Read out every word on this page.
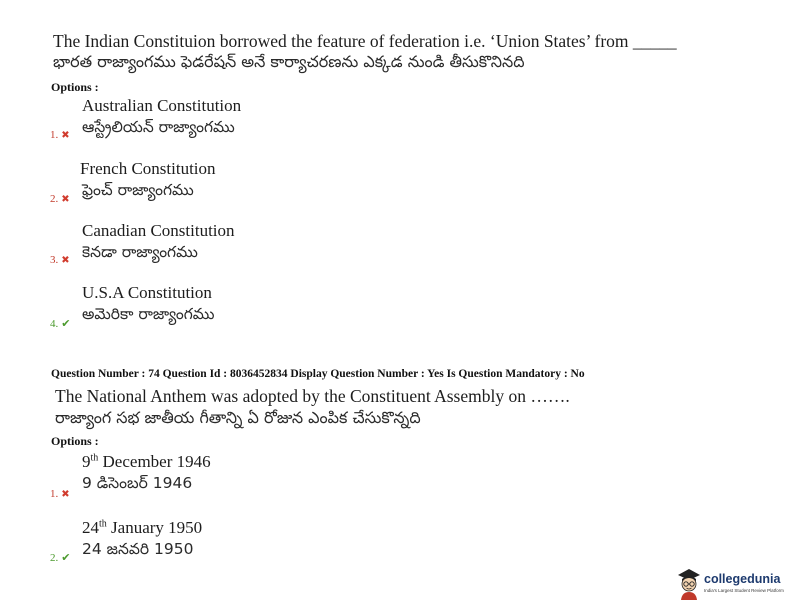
The Indian Constituion borrowed the feature of federation i.e. ‘Union States’ from _____
భారత రాజ్యాంగము ఫెడరేషన్ అనే కార్యాచరణను ఎక్కడ నుండి తీసుకొనినది
Options :
Australian Constitution
1. ✖ ఆస్ట్రేలియన్ రాజ్యాంగము
French Constitution
2. ✖
ఫ్రెంచ్ రాజ్యాంగము
Canadian Constitution
3. ✖ కెనడా రాజ్యాంగము
U.S.A Constitution
4. ✔
అమెరికా రాజ్యాంగము
Question Number : 74 Question Id : 8036452834 Display Question Number : Yes Is Question Mandatory : No
The National Anthem was adopted by the Constituent Assembly on …….
రాజ్యాంగ సభ జాతీయ గీతాన్ని ఏ రోజున ఎంపిక చేసుకొన్నది
Options :
9th December 1946
1. ✖
9 డిసెంబర్ 1946
24th January 1950
2. ✔ 24 జనవరి 1950
collegedunia
India's Largest Student Review Platform
